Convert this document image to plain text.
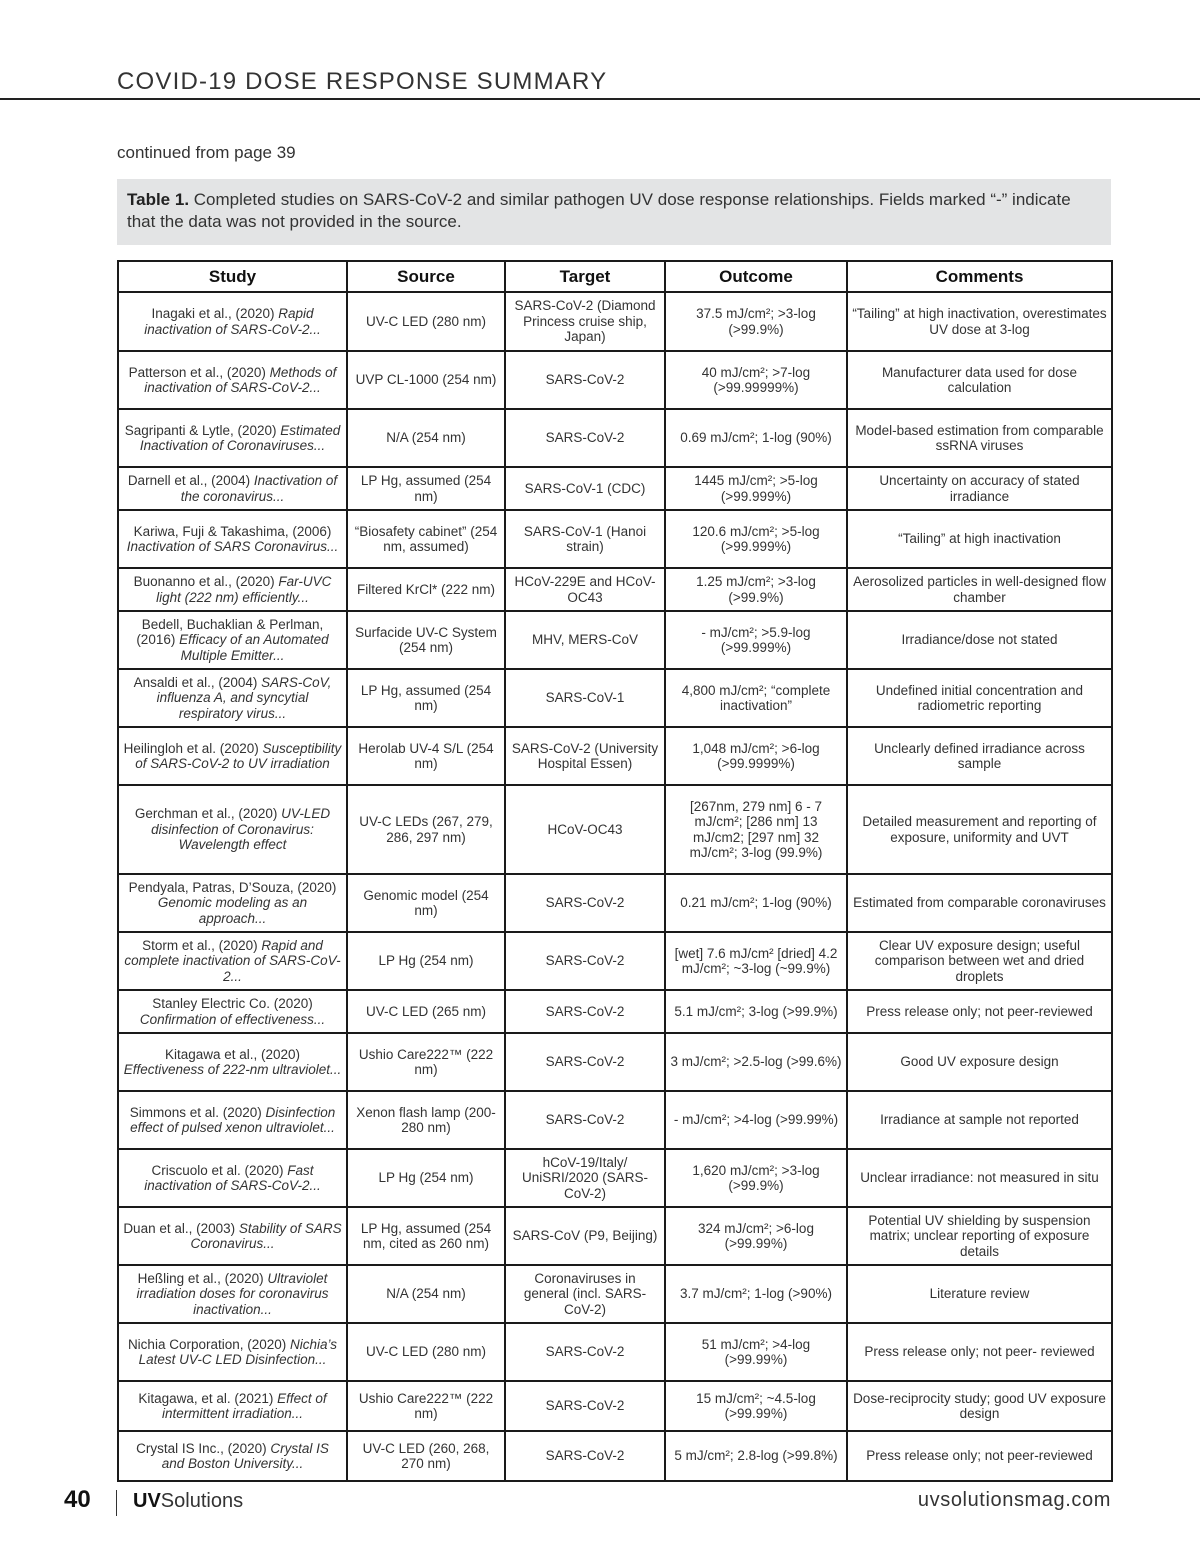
COVID-19 DOSE RESPONSE SUMMARY
continued from page 39
Table 1. Completed studies on SARS-CoV-2 and similar pathogen UV dose response relationships. Fields marked “-” indicate that the data was not provided in the source.
Study	Source	Target	Outcome	Comments
Inagaki et al., (2020) Rapid inactivation of SARS-CoV-2...	UV-C LED (280 nm)	SARS-CoV-2 (Diamond Princess cruise ship, Japan)	37.5 mJ/cm²; >3-log (>99.9%)	“Tailing” at high inactivation, overestimates UV dose at 3-log
Patterson et al., (2020) Methods of inactivation of SARS-CoV-2...	UVP CL-1000 (254 nm)	SARS-CoV-2	40 mJ/cm²; >7-log (>99.99999%)	Manufacturer data used for dose calculation
Sagripanti & Lytle, (2020) Estimated Inactivation of Coronaviruses...	N/A (254 nm)	SARS-CoV-2	0.69 mJ/cm²; 1-log (90%)	Model-based estimation from comparable ssRNA viruses
Darnell et al., (2004) Inactivation of the coronavirus...	LP Hg, assumed (254 nm)	SARS-CoV-1 (CDC)	1445 mJ/cm²; >5-log (>99.999%)	Uncertainty on accuracy of stated irradiance
Kariwa, Fuji & Takashima, (2006) Inactivation of SARS Coronavirus...	“Biosafety cabinet” (254 nm, assumed)	SARS-CoV-1 (Hanoi strain)	120.6 mJ/cm²; >5-log (>99.999%)	“Tailing” at high inactivation
Buonanno et al., (2020) Far-UVC light (222 nm) efficiently...	Filtered KrCl* (222 nm)	HCoV-229E and HCoV-OC43	1.25 mJ/cm²; >3-log (>99.9%)	Aerosolized particles in well-designed flow chamber
Bedell, Buchaklian & Perlman, (2016) Efficacy of an Automated Multiple Emitter...	Surfacide UV-C System (254 nm)	MHV, MERS-CoV	- mJ/cm²; >5.9-log (>99.999%)	Irradiance/dose not stated
Ansaldi et al., (2004) SARS-CoV, influenza A, and syncytial respiratory virus...	LP Hg, assumed (254 nm)	SARS-CoV-1	4,800 mJ/cm²; “complete inactivation”	Undefined initial concentration and radiometric reporting
Heilingloh et al. (2020) Susceptibility of SARS-CoV-2 to UV irradiation	Herolab UV-4 S/L (254 nm)	SARS-CoV-2 (University Hospital Essen)	1,048 mJ/cm²; >6-log (>99.9999%)	Unclearly defined irradiance across sample
Gerchman et al., (2020) UV-LED disinfection of Coronavirus: Wavelength effect	UV-C LEDs (267, 279, 286, 297 nm)	HCoV-OC43	[267nm, 279 nm] 6 - 7 mJ/cm²; [286 nm] 13 mJ/cm2; [297 nm] 32 mJ/cm²; 3-log (99.9%)	Detailed measurement and reporting of exposure, uniformity and UVT
Pendyala, Patras, D’Souza, (2020) Genomic modeling as an approach...	Genomic model (254 nm)	SARS-CoV-2	0.21 mJ/cm²; 1-log (90%)	Estimated from comparable coronaviruses
Storm et al., (2020) Rapid and complete inactivation of SARS-CoV-2...	LP Hg (254 nm)	SARS-CoV-2	[wet] 7.6 mJ/cm² [dried] 4.2 mJ/cm²; ~3-log (~99.9%)	Clear UV exposure design; useful comparison between wet and dried droplets
Stanley Electric Co. (2020) Confirmation of effectiveness...	UV-C LED (265 nm)	SARS-CoV-2	5.1 mJ/cm²; 3-log (>99.9%)	Press release only; not peer-reviewed
Kitagawa et al., (2020) Effectiveness of 222-nm ultraviolet...	Ushio Care222™ (222 nm)	SARS-CoV-2	3 mJ/cm²; >2.5-log (>99.6%)	Good UV exposure design
Simmons et al. (2020) Disinfection effect of pulsed xenon ultraviolet...	Xenon flash lamp (200-280 nm)	SARS-CoV-2	- mJ/cm²; >4-log (>99.99%)	Irradiance at sample not reported
Criscuolo et al. (2020) Fast inactivation of SARS-CoV-2...	LP Hg (254 nm)	hCoV-19/Italy/ UniSRI/2020 (SARS-CoV-2)	1,620 mJ/cm²; >3-log (>99.9%)	Unclear irradiance: not measured in situ
Duan et al., (2003) Stability of SARS Coronavirus...	LP Hg, assumed (254 nm, cited as 260 nm)	SARS-CoV (P9, Beijing)	324 mJ/cm²; >6-log (>99.99%)	Potential UV shielding by suspension matrix; unclear reporting of exposure details
Heßling et al., (2020) Ultraviolet irradiation doses for coronavirus inactivation...	N/A (254 nm)	Coronaviruses in general (incl. SARS-CoV-2)	3.7 mJ/cm²; 1-log (>90%)	Literature review
Nichia Corporation, (2020) Nichia’s Latest UV-C LED Disinfection...	UV-C LED (280 nm)	SARS-CoV-2	51 mJ/cm²; >4-log (>99.99%)	Press release only; not peer- reviewed
Kitagawa, et al. (2021) Effect of intermittent irradiation...	Ushio Care222™ (222 nm)	SARS-CoV-2	15 mJ/cm²; ~4.5-log (>99.99%)	Dose-reciprocity study; good UV exposure design
Crystal IS Inc., (2020) Crystal IS and Boston University...	UV-C LED (260, 268, 270 nm)	SARS-CoV-2	5 mJ/cm²; 2.8-log (>99.8%)	Press release only; not peer-reviewed
40 UVSolutions	uvsolutionsmag.com
